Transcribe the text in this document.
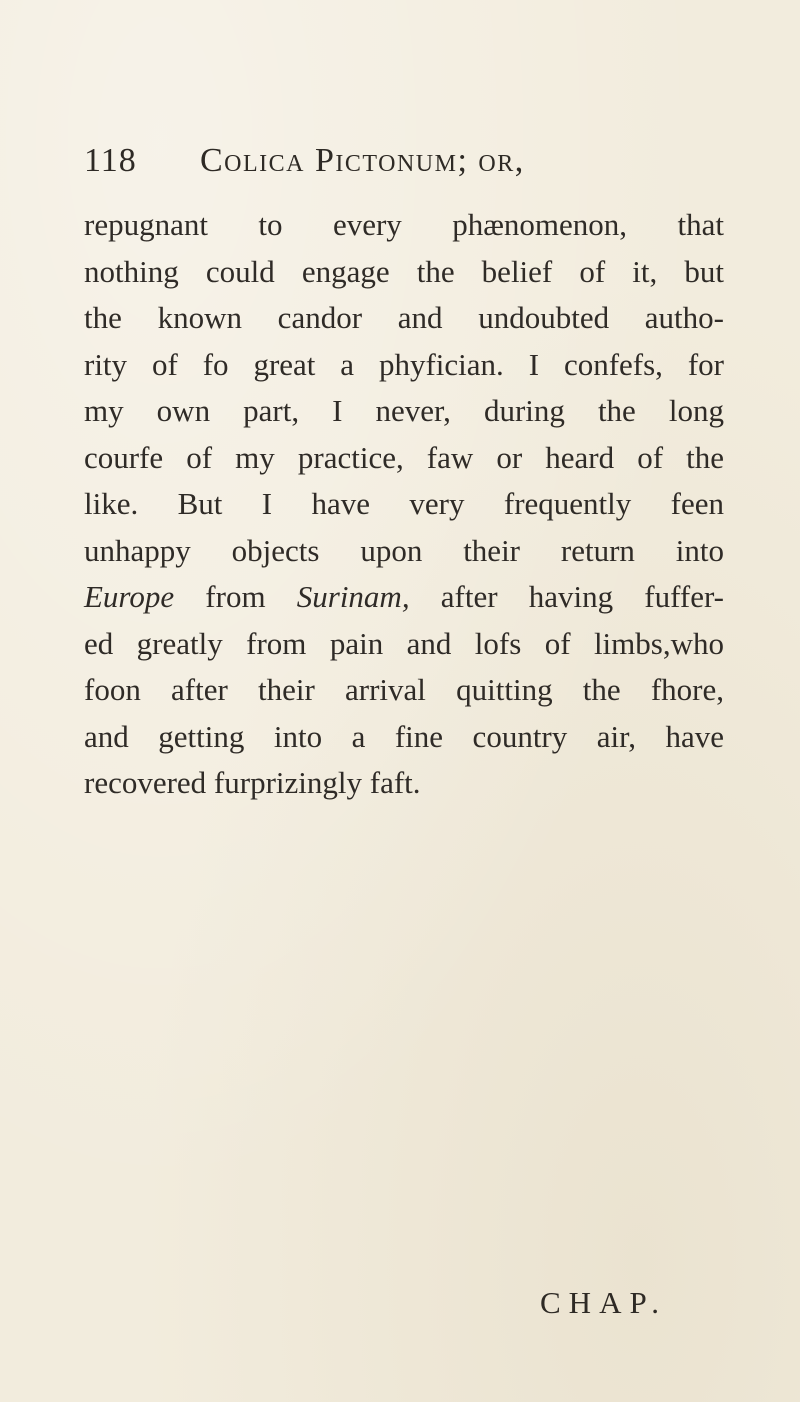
118 Colica Pictonum; or,
repugnant to every phænomenon, that
nothing could engage the belief of it, but
the known candor and undoubted autho-
rity of fo great a phyfician. I confefs, for
my own part, I never, during the long
courfe of my practice, faw or heard of the
like. But I have very frequently feen
unhappy objects upon their return into
Europe from Surinam, after having fuffer-
ed greatly from pain and lofs of limbs,who
foon after their arrival quitting the fhore,
and getting into a fine country air, have
recovered furprizingly faft.
CHAP.
